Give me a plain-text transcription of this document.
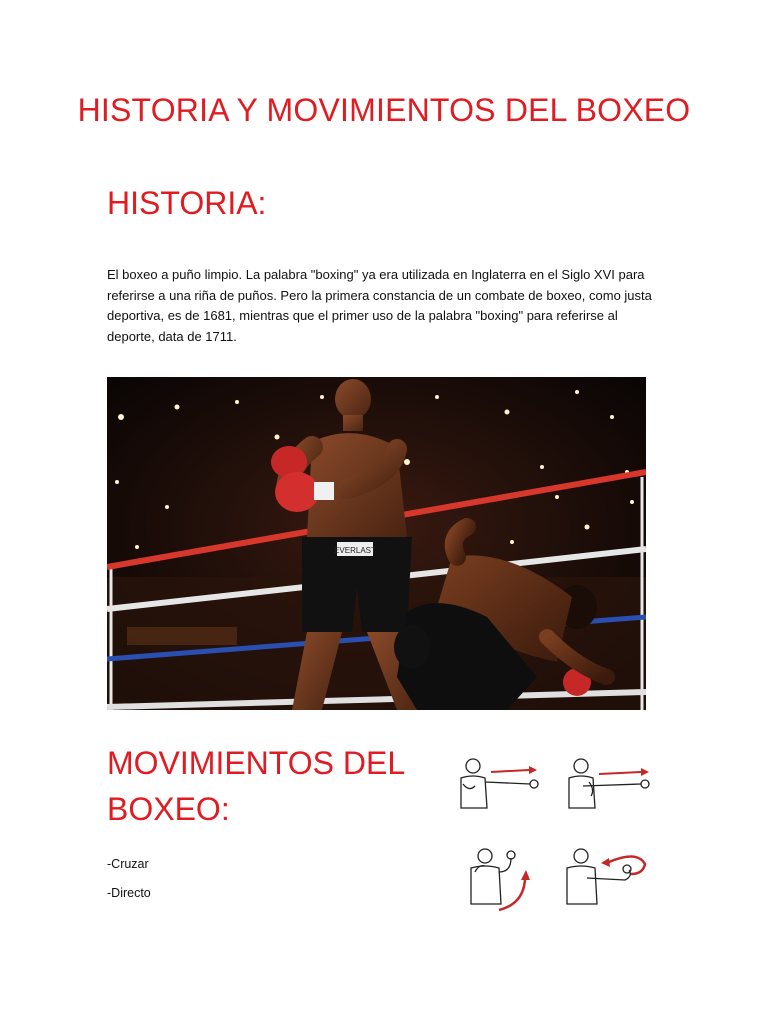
HISTORIA Y MOVIMIENTOS DEL BOXEO
HISTORIA:

El boxeo a puño limpio. La palabra "boxing" ya era utilizada en Inglaterra en el Siglo XVI para referirse a una riña de puños. Pero la primera constancia de un combate de boxeo, como justa deportiva, es de 1681, mientras que el primer uso de la palabra "boxing" para referirse al deporte, data de 1711.

EVERLAST
MOVIMIENTOS DEL BOXEO:

-Cruzar

-Directo
